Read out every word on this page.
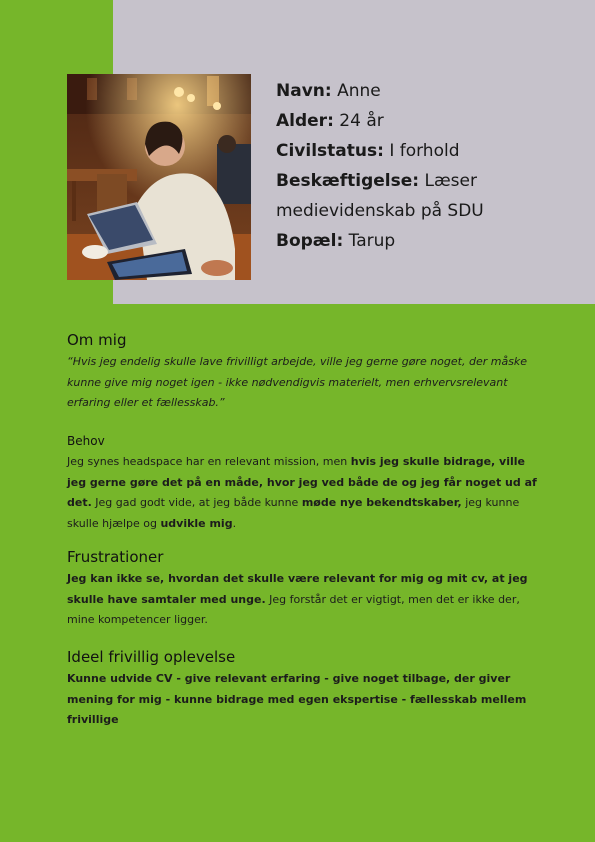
Navn: Anne

Alder: 24 år

Civilstatus: I forhold

Beskæftigelse: Læser medievidenskab på SDU

Bopæl: Tarup

Om mig

“Hvis jeg endelig skulle lave frivilligt arbejde, ville jeg gerne gøre noget, der måske kunne give mig noget igen - ikke nødvendigvis materielt, men erhvervsrelevant erfaring eller et fællesskab.”

Behov

Jeg synes headspace har en relevant mission, men hvis jeg skulle bidrage, ville jeg gerne gøre det på en måde, hvor jeg ved både de og jeg får noget ud af det. Jeg gad godt vide, at jeg både kunne møde nye bekendtskaber, jeg kunne skulle hjælpe og udvikle mig.

Frustrationer

Jeg kan ikke se, hvordan det skulle være relevant for mig og mit cv, at jeg skulle have samtaler med unge. Jeg forstår det er vigtigt, men det er ikke der, mine kompetencer ligger.

Ideel frivillig oplevelse

Kunne udvide CV - give relevant erfaring - give noget tilbage, der giver mening for mig - kunne bidrage med egen ekspertise - fællesskab mellem frivillige
